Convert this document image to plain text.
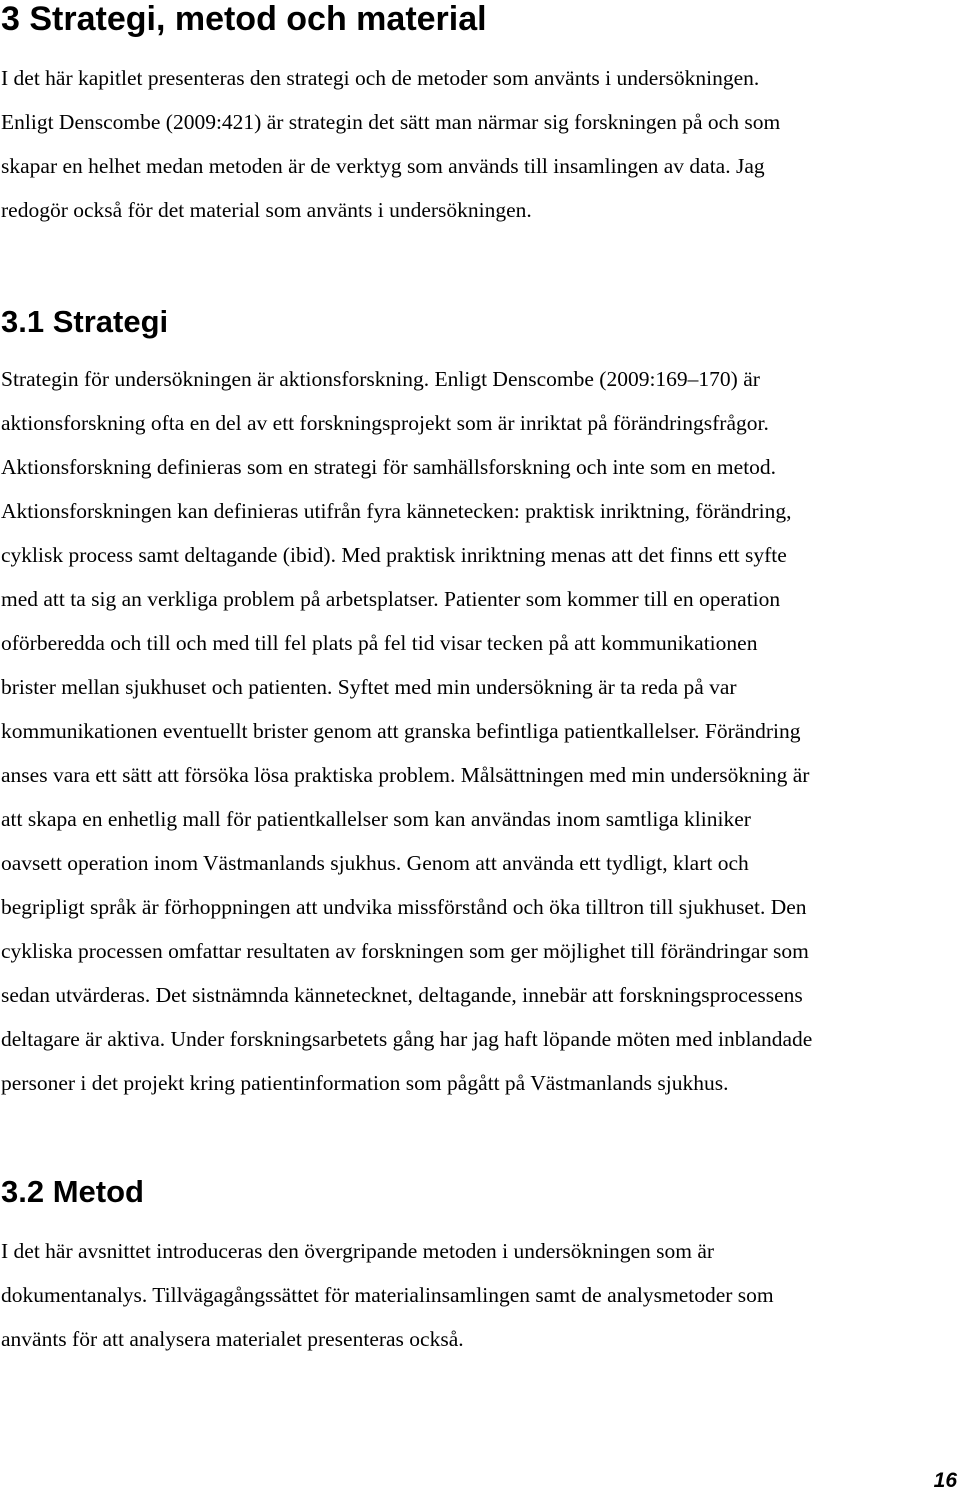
3 Strategi, metod och material

I det här kapitlet presenteras den strategi och de metoder som använts i undersökningen.
Enligt Denscombe (2009:421) är strategin det sätt man närmar sig forskningen på och som
skapar en helhet medan metoden är de verktyg som används till insamlingen av data. Jag
redogör också för det material som använts i undersökningen.

3.1 Strategi

Strategin för undersökningen är aktionsforskning. Enligt Denscombe (2009:169–170) är
aktionsforskning ofta en del av ett forskningsprojekt som är inriktat på förändringsfrågor.
Aktionsforskning definieras som en strategi för samhällsforskning och inte som en metod.
Aktionsforskningen kan definieras utifrån fyra kännetecken: praktisk inriktning, förändring,
cyklisk process samt deltagande (ibid). Med praktisk inriktning menas att det finns ett syfte
med att ta sig an verkliga problem på arbetsplatser. Patienter som kommer till en operation
oförberedda och till och med till fel plats på fel tid visar tecken på att kommunikationen
brister mellan sjukhuset och patienten. Syftet med min undersökning är ta reda på var
kommunikationen eventuellt brister genom att granska befintliga patientkallelser. Förändring
anses vara ett sätt att försöka lösa praktiska problem. Målsättningen med min undersökning är
att skapa en enhetlig mall för patientkallelser som kan användas inom samtliga kliniker
oavsett operation inom Västmanlands sjukhus. Genom att använda ett tydligt, klart och
begripligt språk är förhoppningen att undvika missförstånd och öka tilltron till sjukhuset. Den
cykliska processen omfattar resultaten av forskningen som ger möjlighet till förändringar som
sedan utvärderas. Det sistnämnda kännetecknet, deltagande, innebär att forskningsprocessens
deltagare är aktiva. Under forskningsarbetets gång har jag haft löpande möten med inblandade
personer i det projekt kring patientinformation som pågått på Västmanlands sjukhus.

3.2 Metod

I det här avsnittet introduceras den övergripande metoden i undersökningen som är
dokumentanalys. Tillvägagångssättet för materialinsamlingen samt de analysmetoder som
använts för att analysera materialet presenteras också.

16
